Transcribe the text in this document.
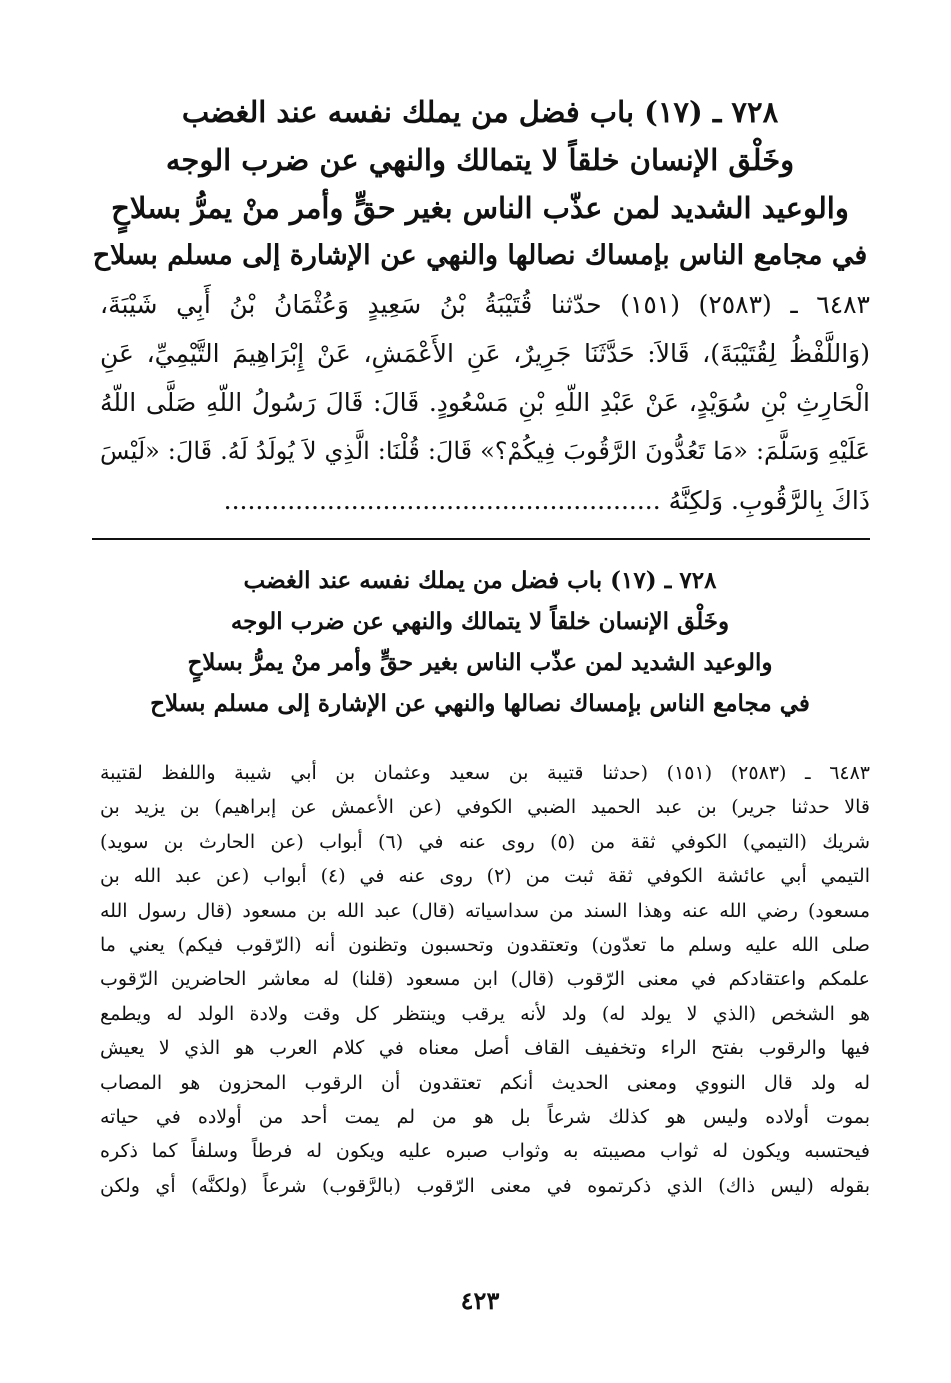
٧٢٨ ـ (١٧) باب فضل من يملك نفسه عند الغضب
وخَلْق الإنسان خلقاً لا يتمالك والنهي عن ضرب الوجه
والوعيد الشديد لمن عذّب الناس بغير حقٍّ وأمر منْ يمرُّ بسلاحٍ
في مجامع الناس بإمساك نصالها والنهي عن الإشارة إلى مسلم بسلاح
٦٤٨٣ ـ (٢٥٨٣) (١٥١) حدّثنا قُتَيْبَةُ بْنُ سَعِيدٍ وَعُثْمَانُ بْنُ أَبِي شَيْبَةَ،
(وَاللَّفْظُ لِقُتَيْبَةَ)، قَالاَ: حَدَّثَنَا جَرِيرٌ، عَنِ الأَعْمَشِ، عَنْ إِبْرَاهِيمَ التَّيْمِيِّ، عَنِ
الْحَارِثِ بْنِ سُوَيْدٍ، عَنْ عَبْدِ اللّهِ بْنِ مَسْعُودٍ. قَالَ: قَالَ رَسُولُ اللّهِ صَلَّى اللّهُ
عَلَيْهِ وَسَلَّمَ: «مَا تَعُدُّونَ الرَّقُوبَ فِيكُمْ؟» قَالَ: قُلْنَا: الَّذِي لاَ يُولَدُ لَهُ. قَالَ: «لَيْسَ
ذَاكَ بِالرَّقُوبِ. وَلكِنَّهُ .......................................................
٧٢٨ ـ (١٧) باب فضل من يملك نفسه عند الغضب
وخَلْق الإنسان خلقاً لا يتمالك والنهي عن ضرب الوجه
والوعيد الشديد لمن عذّب الناس بغير حقٍّ وأمر منْ يمرُّ بسلاحٍ
في مجامع الناس بإمساك نصالها والنهي عن الإشارة إلى مسلم بسلاح
٦٤٨٣ ـ (٢٥٨٣) (١٥١) (حدثنا قتيبة بن سعيد وعثمان بن أبي شيبة واللفظ لقتيبة
قالا حدثنا جرير) بن عبد الحميد الضبي الكوفي (عن الأعمش عن إبراهيم) بن يزيد بن
شريك (التيمي) الكوفي ثقة من (٥) روى عنه في (٦) أبواب (عن الحارث بن سويد)
التيمي أبي عائشة الكوفي ثقة ثبت من (٢) روى عنه في (٤) أبواب (عن عبد الله بن
مسعود) رضي الله عنه وهذا السند من سداسياته (قال) عبد الله بن مسعود (قال رسول الله
صلى الله عليه وسلم ما تعدّون) وتعتقدون وتحسبون وتظنون أنه (الرّقوب فيكم) يعني ما
علمكم واعتقادكم في معنى الرّقوب (قال) ابن مسعود (قلنا) له معاشر الحاضرين الرّقوب
هو الشخص (الذي لا يولد له) ولد لأنه يرقب وينتظر كل وقت ولادة الولد له ويطمع
فيها والرقوب بفتح الراء وتخفيف القاف أصل معناه في كلام العرب هو الذي لا يعيش
له ولد قال النووي ومعنى الحديث أنكم تعتقدون أن الرقوب المحزون هو المصاب
بموت أولاده وليس هو كذلك شرعاً بل هو من لم يمت أحد من أولاده في حياته
فيحتسبه ويكون له ثواب مصيبته به وثواب صبره عليه ويكون له فرطاً وسلفاً كما ذكره
بقوله (ليس ذاك) الذي ذكرتموه في معنى الرّقوب (بالرَّقوب) شرعاً (ولكنَّه) أي ولكن
٤٢٣
